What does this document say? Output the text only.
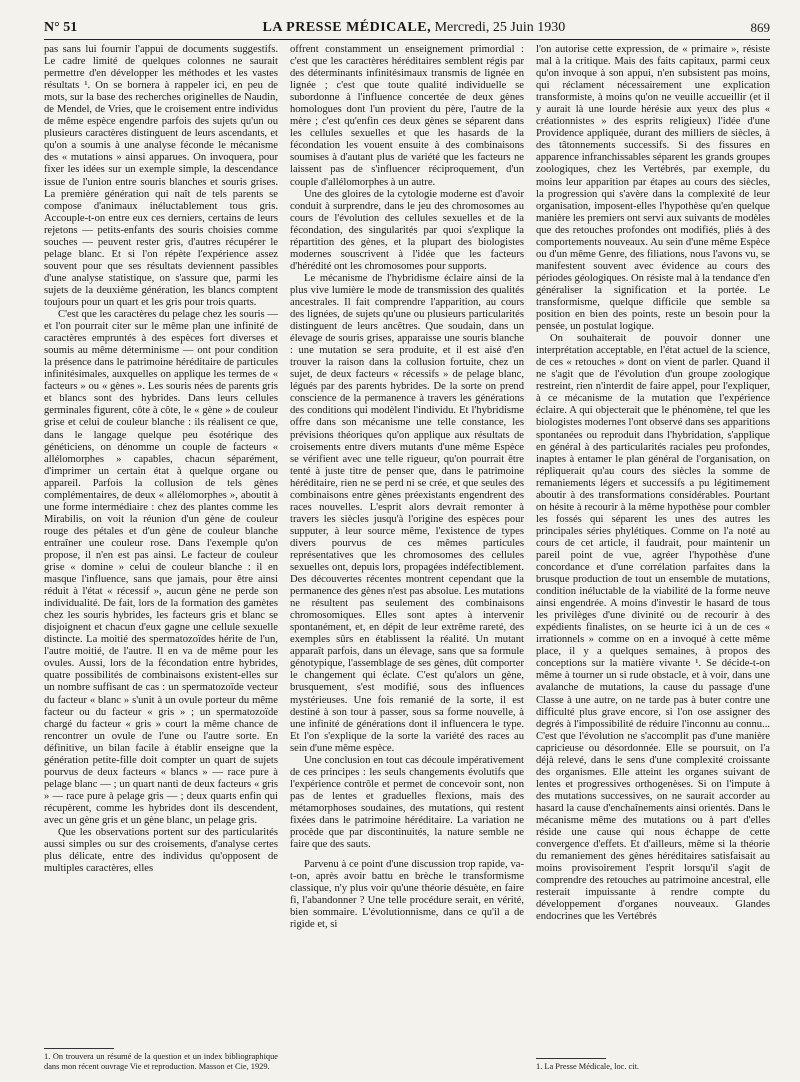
N° 51	LA PRESSE MÉDICALE, Mercredi, 25 Juin 1930	869

pas sans lui fournir l'appui de documents suggestifs. Le cadre limité de quelques colonnes ne saurait permettre d'en développer les méthodes et les vastes résultats ¹. On se bornera à rappeler ici, en peu de mots, sur la base des recherches originelles de Naudin, de Mendel, de Vries, que le croisement entre individus de même espèce engendre parfois des sujets qu'un ou plusieurs caractères distinguent de leurs ascendants, et qu'on a soumis à une analyse féconde le mécanisme des « mutations » ainsi apparues. On invoquera, pour fixer les idées sur un exemple simple, la descendance issue de l'union entre souris blanches et souris grises. La première génération qui naît de tels parents se compose d'animaux inéluctablement tous gris. Accouple-t-on entre eux ces derniers, certains de leurs rejetons — petits-enfants des souris choisies comme souches — peuvent rester gris, d'autres récupérer le pelage blanc. Et si l'on répète l'expérience assez souvent pour que ses résultats deviennent passibles d'une analyse statistique, on s'assure que, parmi les sujets de la deuxième génération, les blancs comptent toujours pour un quart et les gris pour trois quarts.

C'est que les caractères du pelage chez les souris — et l'on pourrait citer sur le même plan une infinité de caractères empruntés à des espèces fort diverses et soumis au même déterminisme — ont pour condition la présence dans le patrimoine héréditaire de particules infinitésimales, auxquelles on applique les termes de « facteurs » ou « gènes ». Les souris nées de parents gris et blancs sont des hybrides. Dans leurs cellules germinales figurent, côte à côte, le « gène » de couleur grise et celui de couleur blanche : ils réalisent ce que, dans le langage quelque peu ésotérique des généticiens, on dénomme un couple de facteurs « allélomorphes » capables, chacun séparément, d'imprimer un certain état à quelque organe ou appareil. Parfois la collusion de tels gènes complémentaires, de deux « allélomorphes », aboutit à une forme intermédiaire : chez des plantes comme les Mirabilis, on voit la réunion d'un gène de couleur rouge des pétales et d'un gène de couleur blanche entraîner une couleur rose. Dans l'exemple qu'on propose, il n'en est pas ainsi. Le facteur de couleur grise « domine » celui de couleur blanche : il en masque l'influence, sans que jamais, pour être ainsi réduit à l'état « récessif », aucun gène ne perde son individualité. De fait, lors de la formation des gamètes chez les souris hybrides, les facteurs gris et blanc se disjoignent et chacun d'eux gagne une cellule sexuelle distincte. La moitié des spermatozoïdes hérite de l'un, l'autre moitié, de l'autre. Il en va de même pour les ovules. Aussi, lors de la fécondation entre hybrides, quatre possibilités de combinaisons existent-elles sur un nombre suffisant de cas : un spermatozoïde vecteur du facteur « blanc » s'unit à un ovule porteur du même facteur ou du facteur « gris » ; un spermatozoïde chargé du facteur « gris » court la même chance de rencontrer un ovule de l'une ou l'autre sorte. En définitive, un bilan facile à établir enseigne que la génération petite-fille doit compter un quart de sujets pourvus de deux facteurs « blancs » — race pure à pelage blanc — ; un quart nanti de deux facteurs « gris » — race pure à pelage gris — ; deux quarts enfin qui récupèrent, comme les hybrides dont ils descendent, avec un gène gris et un gène blanc, un pelage gris.

Que les observations portent sur des particularités aussi simples ou sur des croisements, d'analyse certes plus délicate, entre des individus qu'opposent de multiples caractères, elles

1. On trouvera un résumé de la question et un index bibliographique dans mon récent ouvrage Vie et reproduction. Masson et Cie, 1929.

offrent constamment un enseignement primordial : c'est que les caractères héréditaires semblent régis par des déterminants infinitésimaux transmis de lignée en lignée ; c'est que toute qualité individuelle se subordonne à l'influence concertée de deux gènes homologues dont l'un provient du père, l'autre de la mère ; c'est qu'enfin ces deux gènes se séparent dans les cellules sexuelles et que les hasards de la fécondation les vouent ensuite à des combinaisons soumises à d'autant plus de variété que les facteurs ne laissent pas de s'influencer réciproquement, d'un couple d'allélomorphes à un autre.

Une des gloires de la cytologie moderne est d'avoir conduit à surprendre, dans le jeu des chromosomes au cours de l'évolution des cellules sexuelles et de la fécondation, des singularités par quoi s'explique la répartition des gènes, et la plupart des biologistes modernes souscrivent à l'idée que les facteurs d'hérédité ont les chromosomes pour supports.

Le mécanisme de l'hybridisme éclaire ainsi de la plus vive lumière le mode de transmission des qualités ancestrales. Il fait comprendre l'apparition, au cours des lignées, de sujets qu'une ou plusieurs particularités distinguent de leurs ancêtres. Que soudain, dans un élevage de souris grises, apparaisse une souris blanche : une mutation se sera produite, et il est aisé d'en trouver la raison dans la collusion fortuite, chez un sujet, de deux facteurs « récessifs » de pelage blanc, légués par des parents hybrides. De la sorte on prend conscience de la permanence à travers les générations des conditions qui modèlent l'individu. Et l'hybridisme offre dans son mécanisme une telle constance, les prévisions théoriques qu'on applique aux résultats de croisements entre divers mutants d'une même Espèce se vérifient avec une telle rigueur, qu'on pourrait être tenté à juste titre de penser que, dans le patrimoine héréditaire, rien ne se perd ni se crée, et que seules des combinaisons entre gènes préexistants engendrent des races nouvelles. L'esprit alors devrait remonter à travers les siècles jusqu'à l'origine des espèces pour supputer, à leur source même, l'existence de types divers pourvus de ces mêmes particules représentatives que les chromosomes des cellules sexuelles ont, depuis lors, propagées indéfectiblement. Des découvertes récentes montrent cependant que la permanence des gènes n'est pas absolue. Les mutations ne résultent pas seulement des combinaisons chromosomiques. Elles sont aptes à intervenir spontanément, et, en dépit de leur extrême rareté, des exemples sûrs en établissent la réalité. Un mutant apparaît parfois, dans un élevage, sans que sa formule génotypique, l'assemblage de ses gènes, dût comporter le changement qui éclate. C'est qu'alors un gène, brusquement, s'est modifié, sous des influences mystérieuses. Une fois remanié de la sorte, il est destiné à son tour à passer, sous sa forme nouvelle, à une infinité de générations dont il influencera le type. Et l'on s'explique de la sorte la variété des races au sein d'une même espèce.

Une conclusion en tout cas découle impérativement de ces principes : les seuls changements évolutifs que l'expérience contrôle et permet de concevoir sont, non pas de lentes et graduelles flexions, mais des métamorphoses soudaines, des mutations, qui restent fixées dans le patrimoine héréditaire. La variation ne procède que par discontinuités, la nature semble ne faire que des sauts.

Parvenu à ce point d'une discussion trop rapide, va-t-on, après avoir battu en brèche le transformisme classique, n'y plus voir qu'une théorie désuète, en faire fi, l'abandonner ? Une telle procédure serait, en vérité, bien sommaire. L'évolutionnisme, dans ce qu'il a de rigide et, si

l'on autorise cette expression, de « primaire », résiste mal à la critique. Mais des faits capitaux, parmi ceux qu'on invoque à son appui, n'en subsistent pas moins, qui réclament nécessairement une explication transformiste, à moins qu'on ne veuille accueillir (et il y aurait là une lourde hérésie aux yeux des plus « créationnistes » des esprits religieux) l'idée d'une Providence appliquée, durant des milliers de siècles, à des tâtonnements successifs. Si des fissures en apparence infranchissables séparent les grands groupes zoologiques, chez les Vertébrés, par exemple, du moins leur apparition par étapes au cours des siècles, la progression qui s'avère dans la complexité de leur organisation, imposent-elles l'hypothèse qu'en quelque manière les premiers ont servi aux suivants de modèles que des retouches profondes ont modifiés, pliés à des comportements nouveaux. Au sein d'une même Espèce ou d'un même Genre, des filiations, nous l'avons vu, se manifestent souvent avec évidence au cours des périodes géologiques. On résiste mal à la tendance d'en généraliser la signification et la portée. Le transformisme, quelque difficile que semble sa position en bien des points, reste un besoin pour la pensée, un postulat logique.

On souhaiterait de pouvoir donner une interprétation acceptable, en l'état actuel de la science, de ces « retouches » dont on vient de parler. Quand il ne s'agit que de l'évolution d'un groupe zoologique restreint, rien n'interdit de faire appel, pour l'expliquer, à ce mécanisme de la mutation que l'expérience éclaire. A qui objecterait que le phénomène, tel que les biologistes modernes l'ont observé dans ses apparitions spontanées ou reproduit dans l'hybridation, s'applique en général à des particularités raciales peu profondes, inaptes à entamer le plan général de l'organisation, on répliquerait qu'au cours des siècles la somme de remaniements légers et successifs a pu légitimement aboutir à des transformations considérables. Pourtant on hésite à recourir à la même hypothèse pour combler les fossés qui séparent les unes des autres les principales séries phylétiques. Comme on l'a noté au cours de cet article, il faudrait, pour maintenir un pareil point de vue, agréer l'hypothèse d'une concordance et d'une corrélation parfaites dans la brusque production de tout un ensemble de mutations, condition inéluctable de la viabilité de la forme neuve ainsi engendrée. A moins d'investir le hasard de tous les privilèges d'une divinité ou de recourir à des expédients finalistes, on se heurte ici à un de ces « irrationnels » comme on en a invoqué à cette même place, il y a quelques semaines, à propos des conceptions sur la matière vivante ¹. Se décide-t-on même à tourner un si rude obstacle, et à voir, dans une avalanche de mutations, la cause du passage d'une Classe à une autre, on ne tarde pas à buter contre une difficulté plus grave encore, si l'on ose assigner des degrés à l'impossibilité de réduire l'inconnu au connu... C'est que l'évolution ne s'accomplit pas d'une manière capricieuse ou désordonnée. Elle se poursuit, on l'a déjà relevé, dans le sens d'une complexité croissante des organismes. Elle atteint les organes suivant de lentes et progressives orthogenèses. Si on l'impute à des mutations successives, on ne saurait accorder au hasard la cause d'enchaînements ainsi orientés. Dans le mécanisme même des mutations ou à part d'elles réside une cause qui nous échappe de cette convergence d'effets. Et d'ailleurs, même si la théorie du remaniement des gènes héréditaires satisfaisait au moins provisoirement l'esprit lorsqu'il s'agit de comprendre des retouches au patrimoine ancestral, elle resterait impuissante à rendre compte du développement d'organes nouveaux. Glandes endocrines que les Vertébrés

1. La Presse Médicale, loc. cit.
